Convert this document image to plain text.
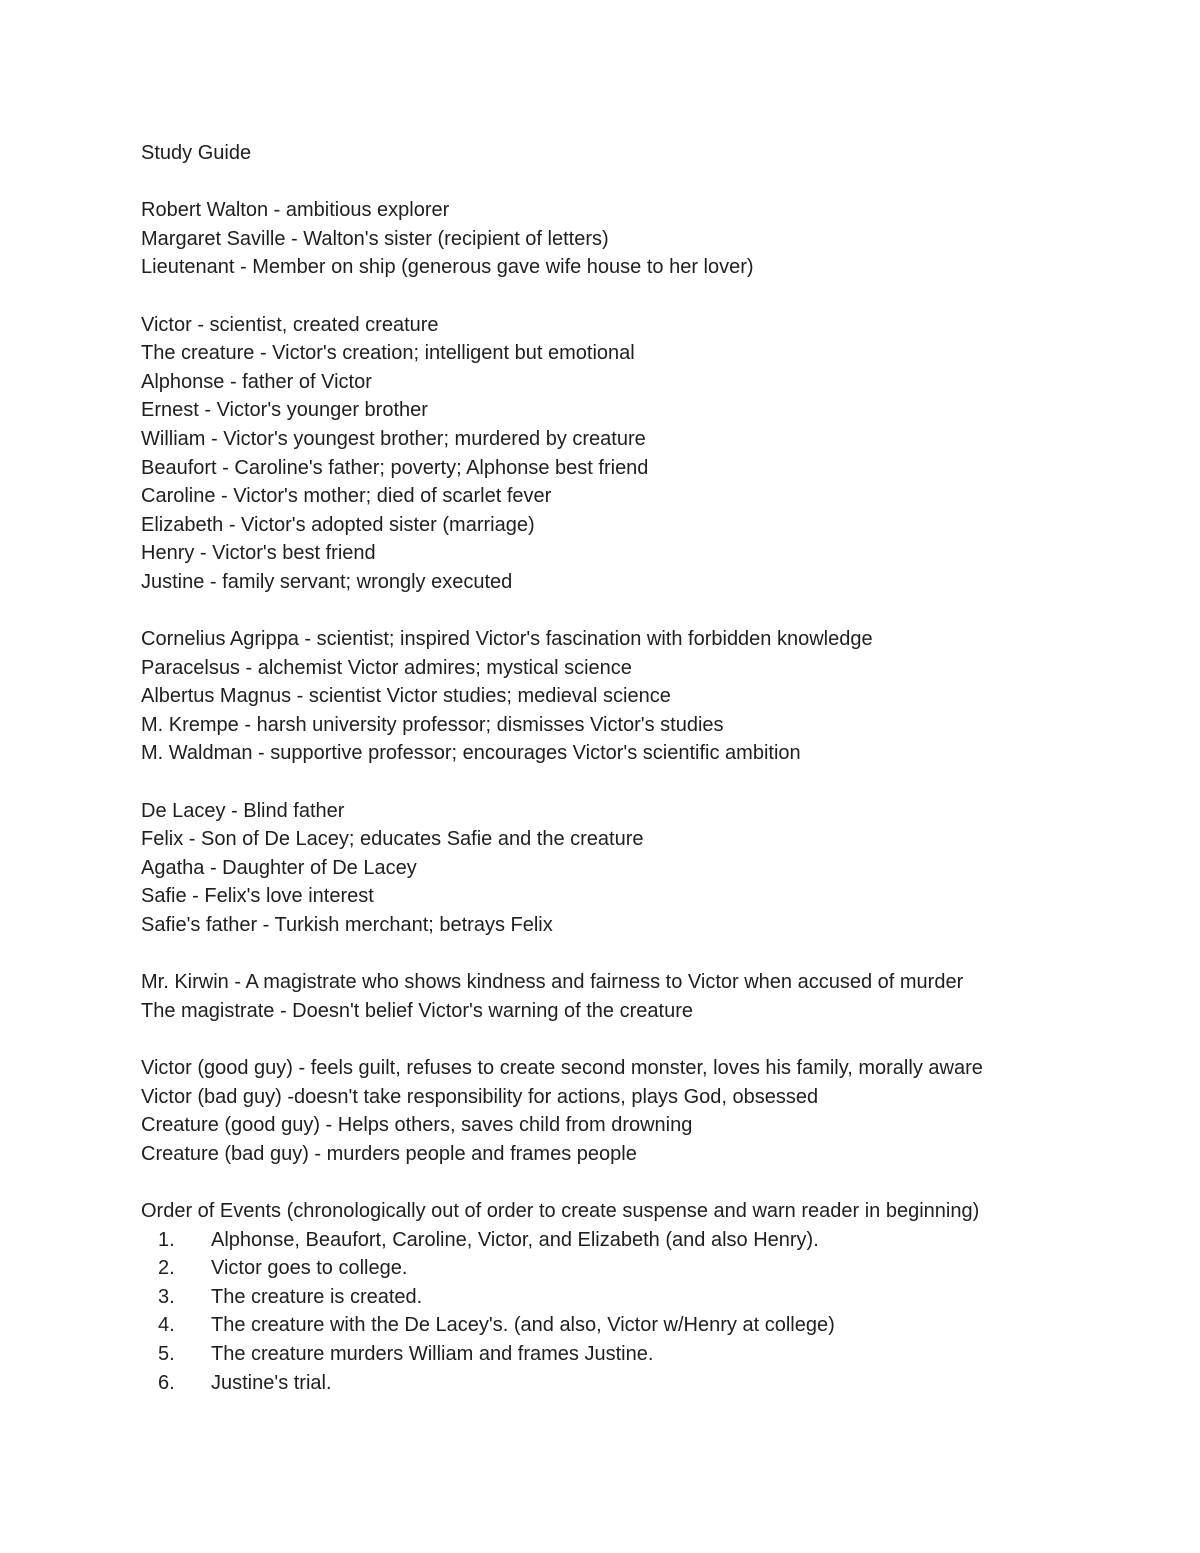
Study Guide
Robert Walton - ambitious explorer
Margaret Saville - Walton's sister (recipient of letters)
Lieutenant - Member on ship (generous gave wife house to her lover)
Victor - scientist, created creature
The creature - Victor's creation; intelligent but emotional
Alphonse - father of Victor
Ernest - Victor's younger brother
William - Victor's youngest brother; murdered by creature
Beaufort - Caroline's father; poverty; Alphonse best friend
Caroline - Victor's mother; died of scarlet fever
Elizabeth - Victor's adopted sister (marriage)
Henry - Victor's best friend
Justine - family servant; wrongly executed
Cornelius Agrippa - scientist; inspired Victor's fascination with forbidden knowledge
Paracelsus - alchemist Victor admires; mystical science
Albertus Magnus - scientist Victor studies; medieval science
M. Krempe - harsh university professor; dismisses Victor's studies
M. Waldman - supportive professor; encourages Victor's scientific ambition
De Lacey - Blind father
Felix - Son of De Lacey; educates Safie and the creature
Agatha - Daughter of De Lacey
Safie - Felix's love interest
Safie's father - Turkish merchant; betrays Felix
Mr. Kirwin - A magistrate who shows kindness and fairness to Victor when accused of murder
The magistrate - Doesn't belief Victor's warning of the creature
Victor (good guy) - feels guilt, refuses to create second monster, loves his family, morally aware
Victor (bad guy) -doesn't take responsibility for actions, plays God, obsessed
Creature (good guy) - Helps others, saves child from drowning
Creature (bad guy) - murders people and frames people
Order of Events (chronologically out of order to create suspense and warn reader in beginning)
1.	Alphonse, Beaufort, Caroline, Victor, and Elizabeth (and also Henry).
2.	Victor goes to college.
3.	The creature is created.
4.	The creature with the De Lacey's. (and also, Victor w/Henry at college)
5.	The creature murders William and frames Justine.
6.	Justine's trial.
